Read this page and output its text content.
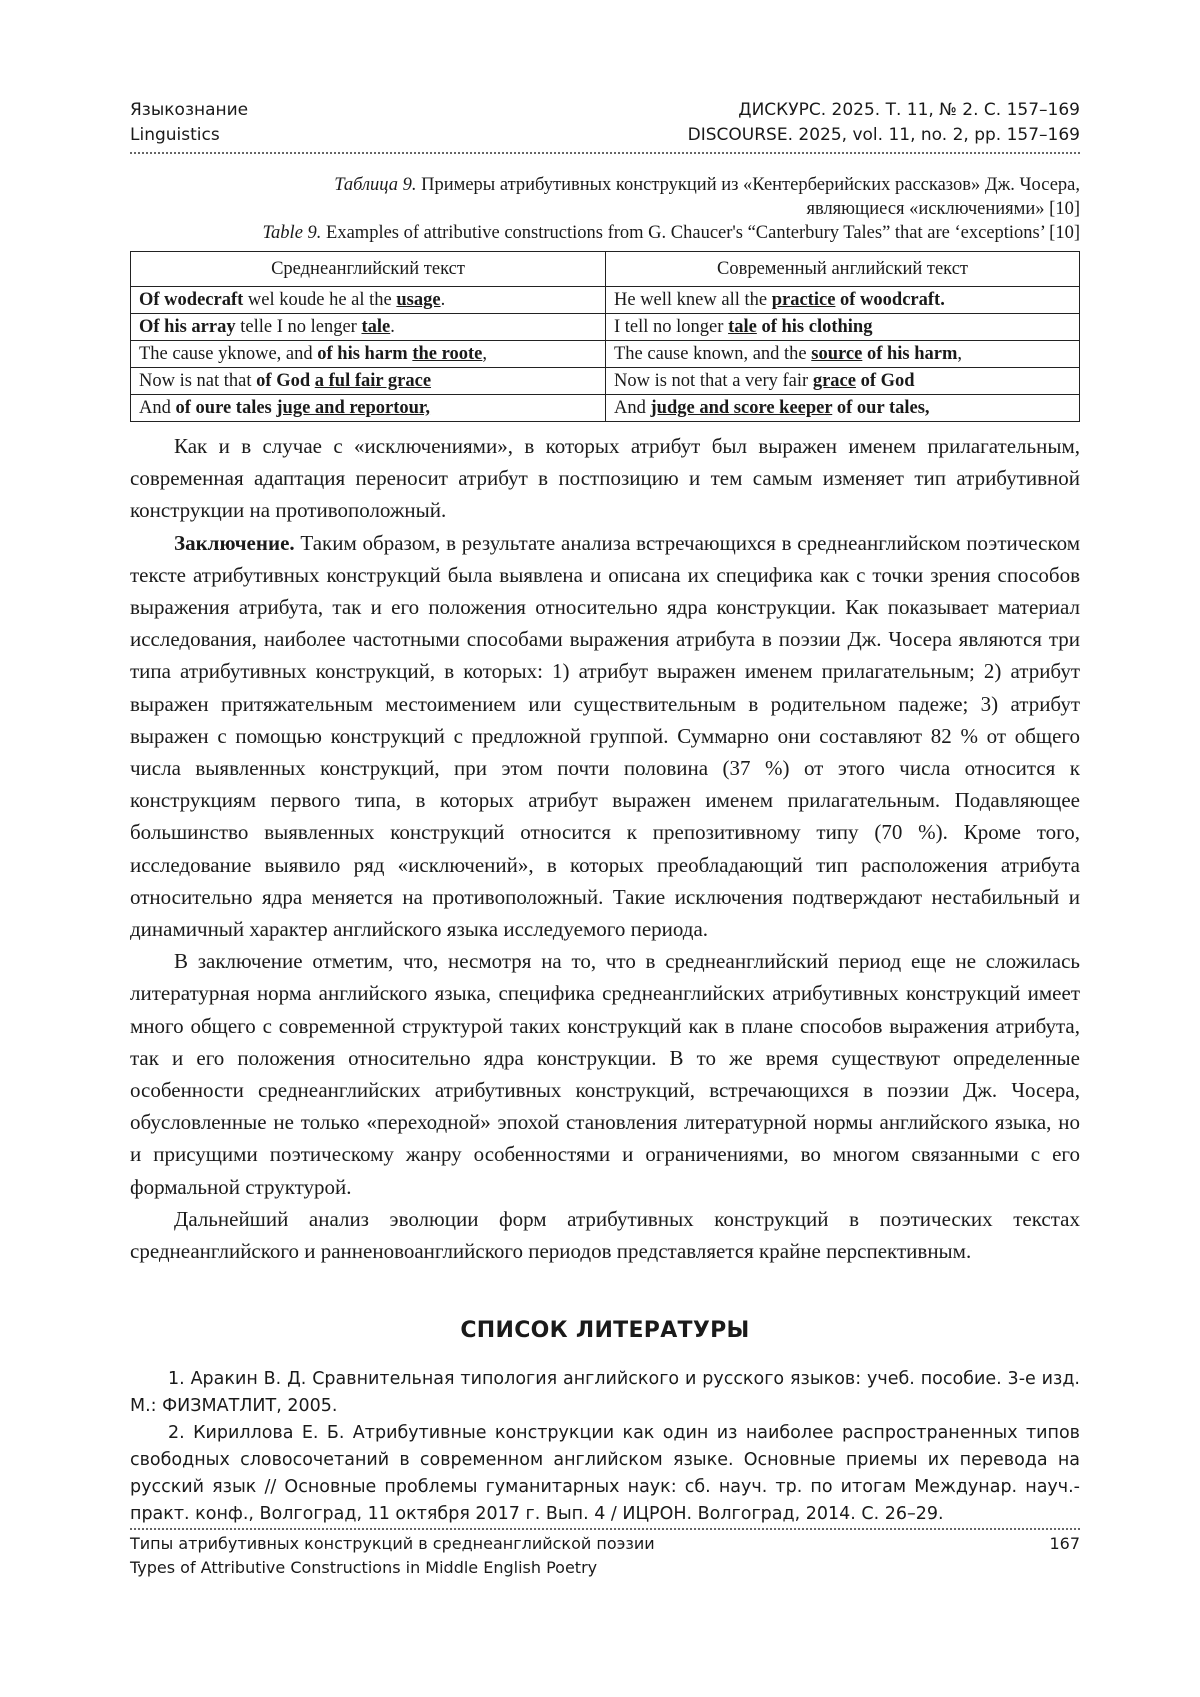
Языкознание	ДИСКУРС. 2025. Т. 11, № 2. С. 157–169
Linguistics	DISCOURSE. 2025, vol. 11, no. 2, pp. 157–169
Таблица 9. Примеры атрибутивных конструкций из «Кентерберийских рассказов» Дж. Чосера,
являющиеся «исключениями» [10]
Table 9. Examples of attributive constructions from G. Chaucer's “Canterbury Tales” that are ‘exceptions’ [10]
Среднеанглийский текст	Современный английский текст
Of wodecraft wel koude he al the usage.	He well knew all the practice of woodcraft.
Of his array telle I no lenger tale.	I tell no longer tale of his clothing
The cause yknowe, and of his harm the roote,	The cause known, and the source of his harm,
Now is nat that of God a ful fair grace	Now is not that a very fair grace of God
And of oure tales juge and reportour,	And judge and score keeper of our tales,

Как и в случае с «исключениями», в которых атрибут был выражен именем прилагательным, современная адаптация переносит атрибут в постпозицию и тем самым изменяет тип атрибутивной конструкции на противоположный.

Заключение. Таким образом, в результате анализа встречающихся в среднеанглийском поэтическом тексте атрибутивных конструкций была выявлена и описана их специфика как с точки зрения способов выражения атрибута, так и его положения относительно ядра конструкции. Как показывает материал исследования, наиболее частотными способами выражения атрибута в поэзии Дж. Чосера являются три типа атрибутивных конструкций, в которых: 1) атрибут выражен именем прилагательным; 2) атрибут выражен притяжательным местоимением или существительным в родительном падеже; 3) атрибут выражен с помощью конструкций с предложной группой. Суммарно они составляют 82 % от общего числа выявленных конструкций, при этом почти половина (37 %) от этого числа относится к конструкциям первого типа, в которых атрибут выражен именем прилагательным. Подавляющее большинство выявленных конструкций относится к препозитивному типу (70 %). Кроме того, исследование выявило ряд «исключений», в которых преобладающий тип расположения атрибута относительно ядра меняется на противоположный. Такие исключения подтверждают нестабильный и динамичный характер английского языка исследуемого периода.

В заключение отметим, что, несмотря на то, что в среднеанглийский период еще не сложилась литературная норма английского языка, специфика среднеанглийских атрибутивных конструкций имеет много общего с современной структурой таких конструкций как в плане способов выражения атрибута, так и его положения относительно ядра конструкции. В то же время существуют определенные особенности среднеанглийских атрибутивных конструкций, встречающихся в поэзии Дж. Чосера, обусловленные не только «переходной» эпохой становления литературной нормы английского языка, но и присущими поэтическому жанру особенностями и ограничениями, во многом связанными с его формальной структурой.

Дальнейший анализ эволюции форм атрибутивных конструкций в поэтических текстах среднеанглийского и ранненовоанглийского периодов представляется крайне перспективным.

СПИСОК ЛИТЕРАТУРЫ

1. Аракин В. Д. Сравнительная типология английского и русского языков: учеб. пособие. 3-е изд. М.: ФИЗМАТЛИТ, 2005.

2. Кириллова Е. Б. Атрибутивные конструкции как один из наиболее распространенных типов свободных словосочетаний в современном английском языке. Основные приемы их перевода на русский язык // Основные проблемы гуманитарных наук: сб. науч. тр. по итогам Междунар. науч.-практ. конф., Волгоград, 11 октября 2017 г. Вып. 4 / ИЦРОН. Волгоград, 2014. С. 26–29.

Типы атрибутивных конструкций в среднеанглийской поэзии	167
Types of Attributive Constructions in Middle English Poetry
